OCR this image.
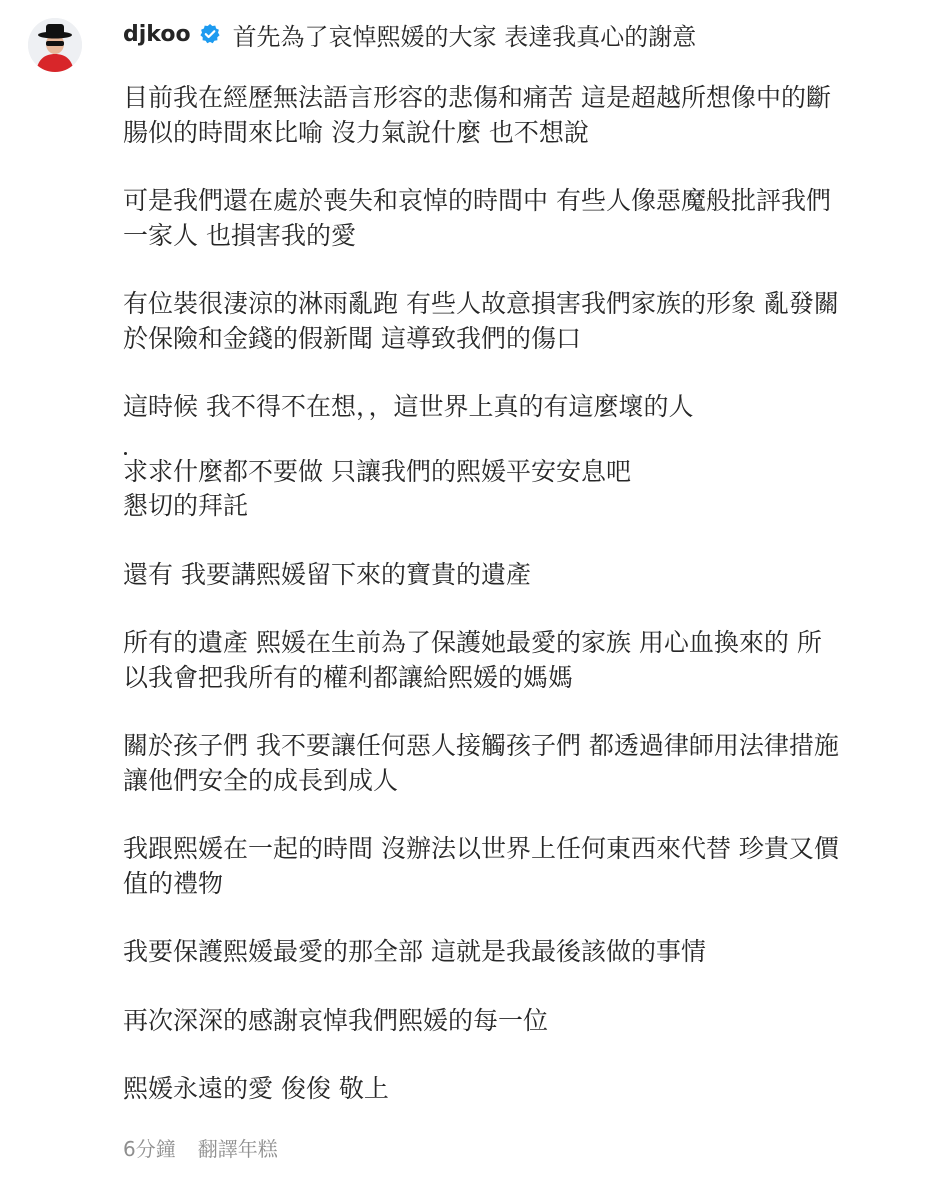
djkoo 首先為了哀悼熙媛的大家 表達我真心的謝意
目前我在經歷無法語言形容的悲傷和痛苦 這是超越所想像中的斷
腸似的時間來比喻 沒力氣說什麼 也不想說
可是我們還在處於喪失和哀悼的時間中 有些人像惡魔般批評我們
一家人 也損害我的愛
有位裝很淒涼的淋雨亂跑 有些人故意損害我們家族的形象 亂發關
於保險和金錢的假新聞 這導致我們的傷口
這時候 我不得不在想，，這世界上真的有這麼壞的人
求求什麼都不要做 只讓我們的熙媛平安安息吧
懇切的拜託
還有 我要講熙媛留下來的寶貴的遺產
所有的遺產 熙媛在生前為了保護她最愛的家族 用心血換來的 所
以我會把我所有的權利都讓給熙媛的媽媽
關於孩子們 我不要讓任何惡人接觸孩子們 都透過律師用法律措施
讓他們安全的成長到成人
我跟熙媛在一起的時間 沒辦法以世界上任何東西來代替 珍貴又價
值的禮物
我要保護熙媛最愛的那全部 這就是我最後該做的事情
再次深深的感謝哀悼我們熙媛的每一位
熙媛永遠的愛 俊俊 敬上
6分鐘 翻譯年糕
